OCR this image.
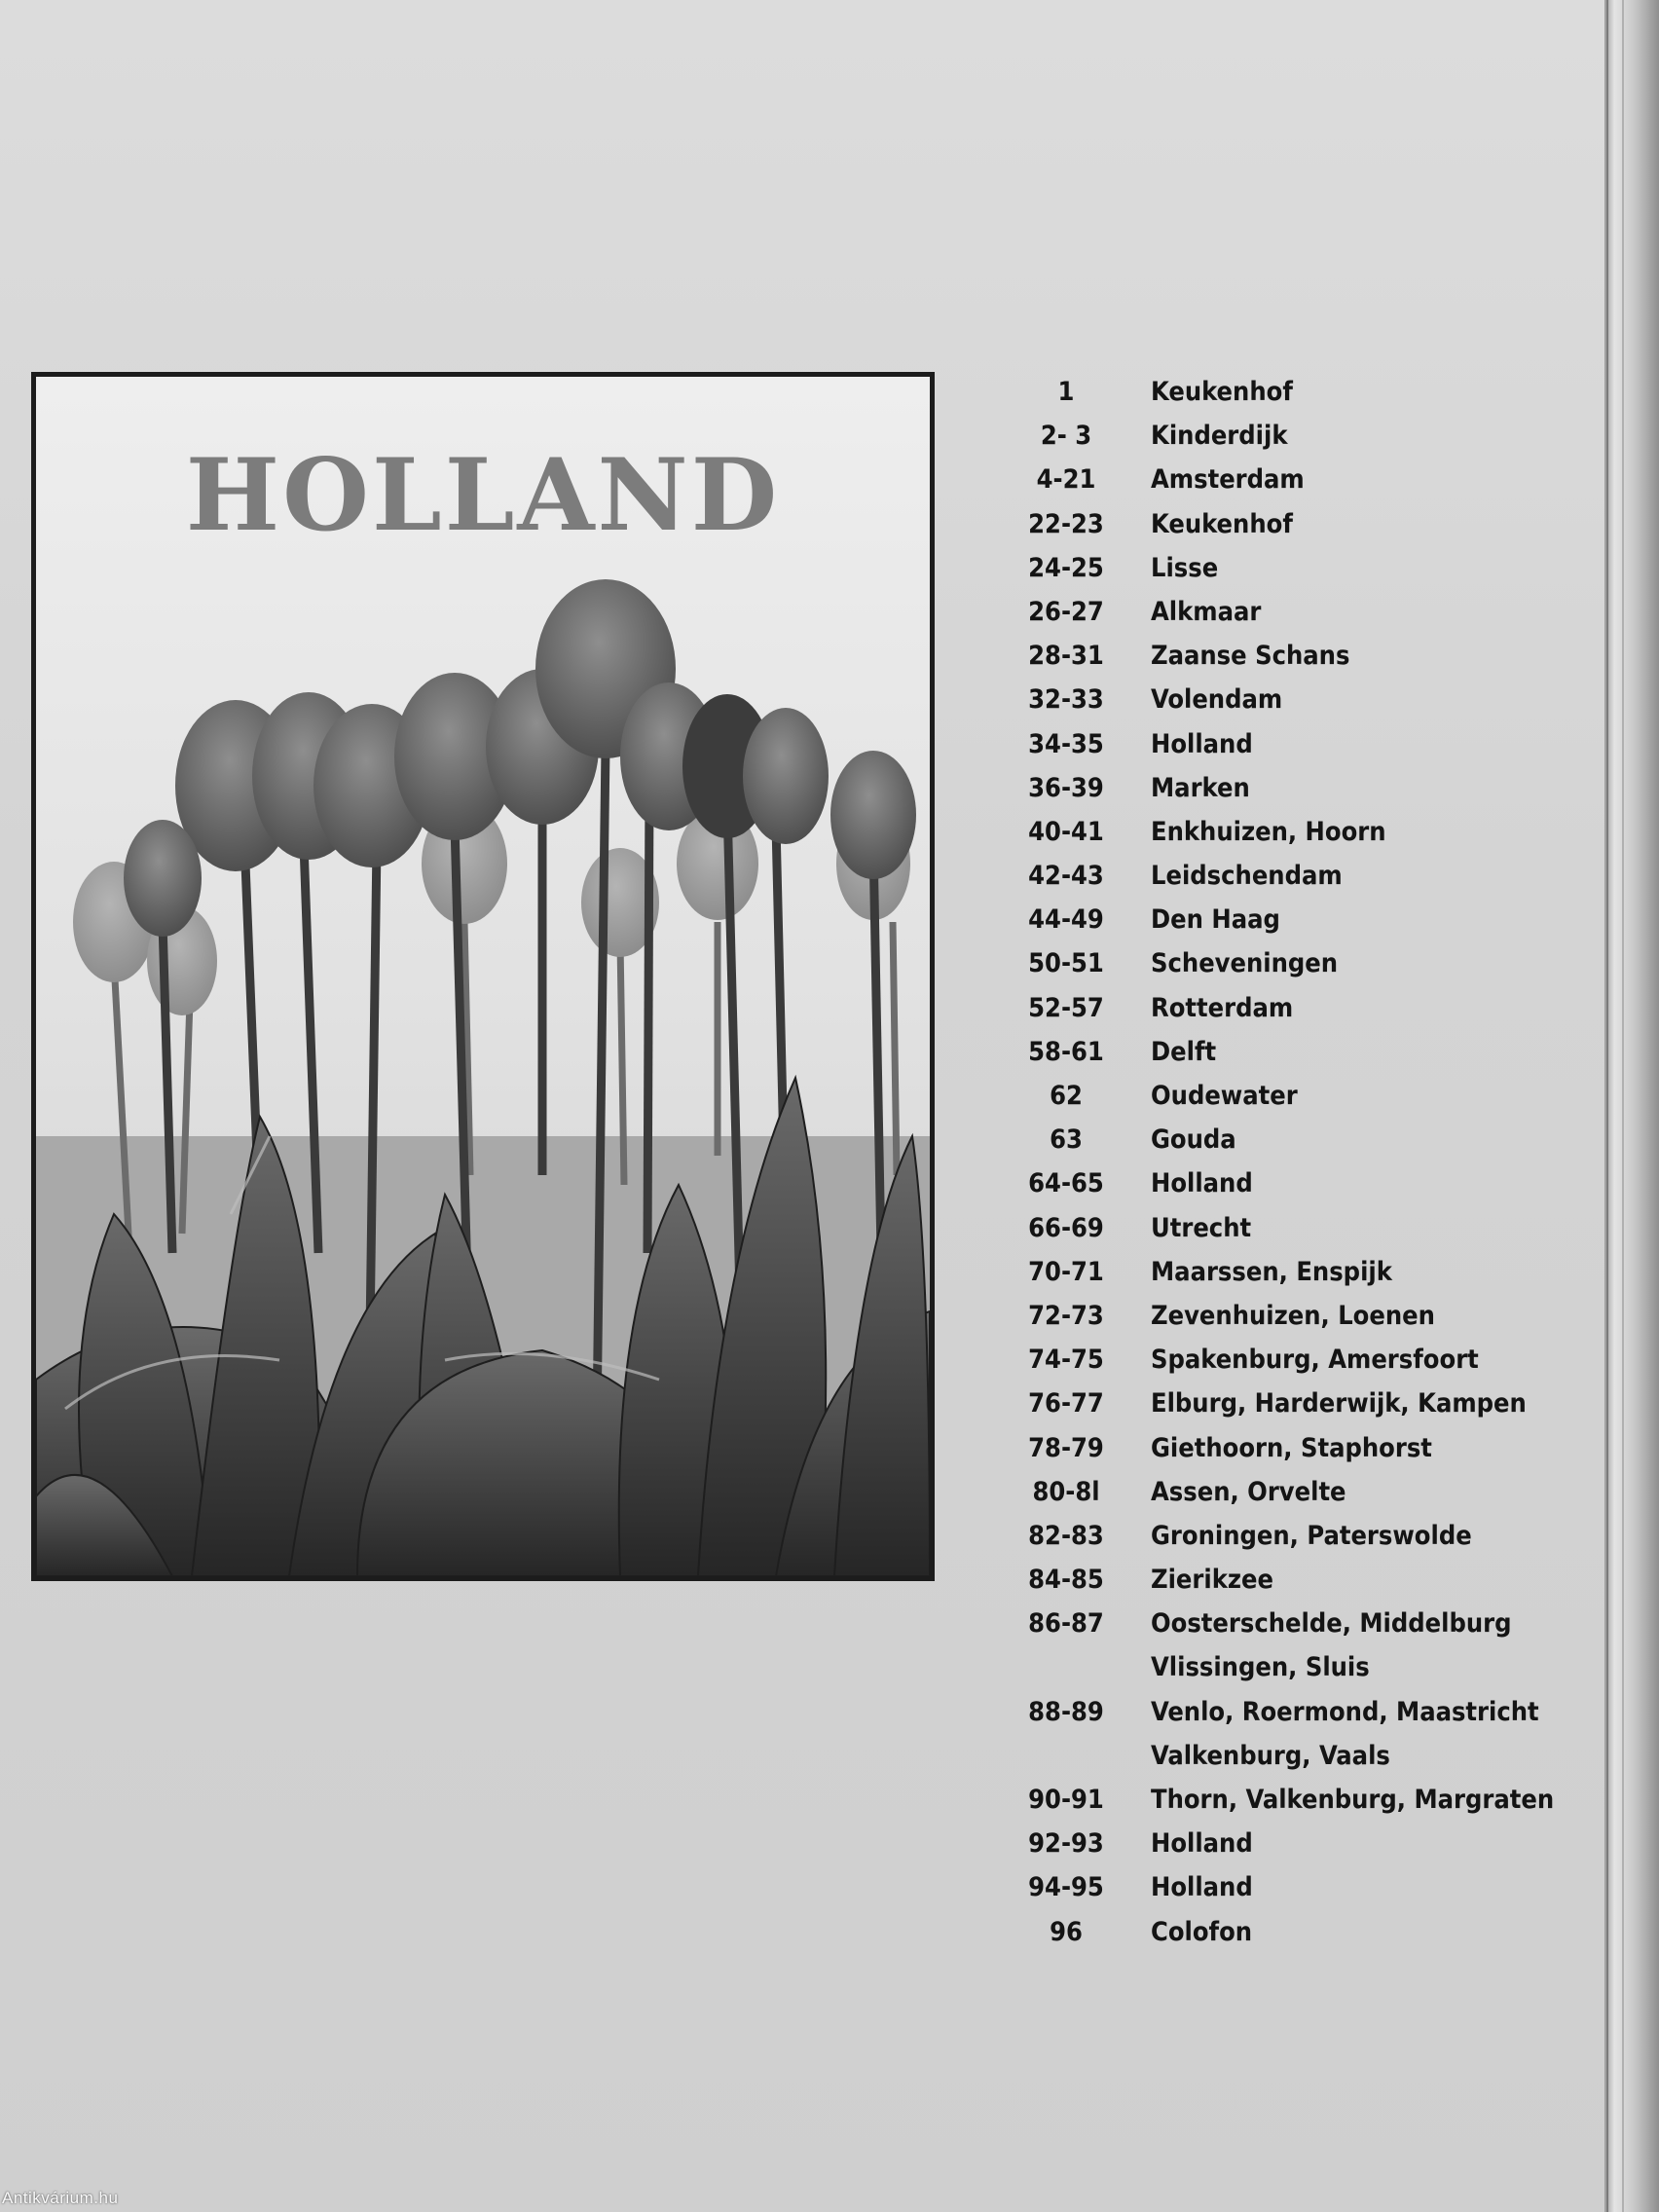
HOLLAND
1	Keukenhof
2- 3	Kinderdijk
4-21	Amsterdam
22-23	Keukenhof
24-25	Lisse
26-27	Alkmaar
28-31	Zaanse Schans
32-33	Volendam
34-35	Holland
36-39	Marken
40-41	Enkhuizen, Hoorn
42-43	Leidschendam
44-49	Den Haag
50-51	Scheveningen
52-57	Rotterdam
58-61	Delft
62	Oudewater
63	Gouda
64-65	Holland
66-69	Utrecht
70-71	Maarssen, Enspijk
72-73	Zevenhuizen, Loenen
74-75	Spakenburg, Amersfoort
76-77	Elburg, Harderwijk, Kampen
78-79	Giethoorn, Staphorst
80-8l	Assen, Orvelte
82-83	Groningen, Paterswolde
84-85	Zierikzee
86-87	Oosterschelde, Middelburg
Vlissingen, Sluis
88-89	Venlo, Roermond, Maastricht
Valkenburg, Vaals
90-91	Thorn, Valkenburg, Margraten
92-93	Holland
94-95	Holland
96	Colofon
Antikvárium.hu
